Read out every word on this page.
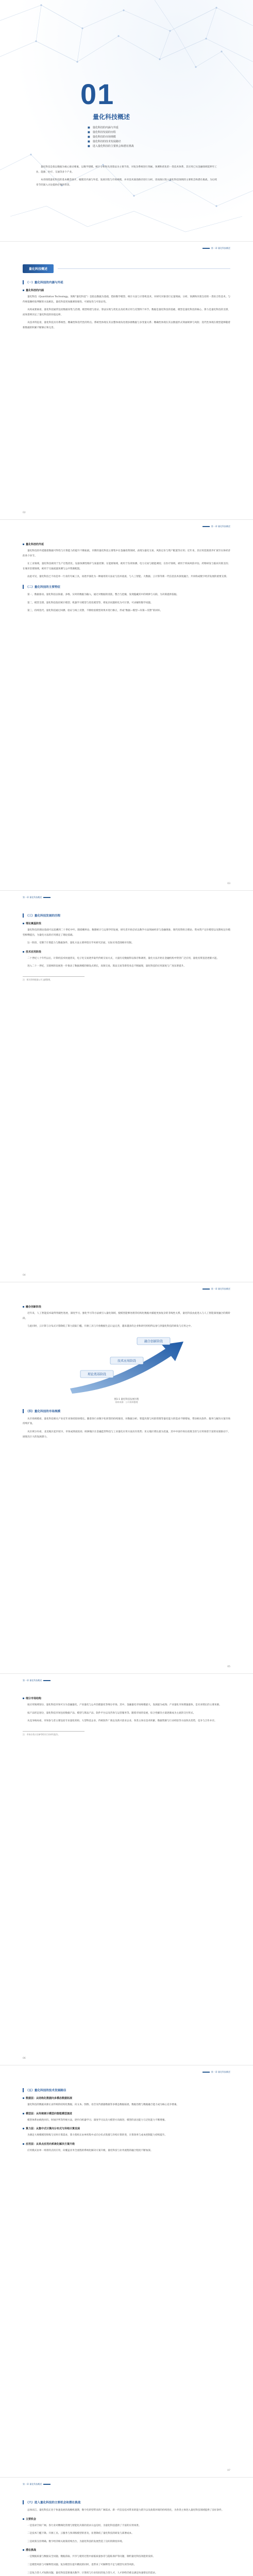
01
量化科技概述
■ 量化科技的内涵与外延
■ 量化科技发展的历程
■ 量化科技的市场规模
■ 量化科技的技术发展路径
■ 进入量化科技的主要机会和潜在挑战

量化科技是指以数据为核心驱动要素，以数学建模、统计分析和先进算法为主要手段，对复杂系统进行刻画、预测和优化的一类技术体系，其应用已从金融领域延伸至工业、能源、医疗、交通等多个产业。

本章围绕量化科技的基本概念展开，梳理其内涵与外延、发展历程与市场规模，并对技术演进路径进行分析，进而探讨进入量化科技领域的主要机会和潜在挑战，为后续章节的深入讨论提供必要的背景。

第一章 量化科技概述
量化科技概述
（一）量化科技的内涵与外延
量化科技的内涵

量化科技（Quantitative Technology，简称“量化科技”）是指以数据为基础，借助数学模型、统计方法与计算机技术，对研究对象进行定量刻画、分析、预测和决策支持的一类综合性技术。与传统依赖经验判断的方法相比，量化科技更加强调客观性、可重复性与可验证性。

从构成要素看，量化科技通常包括数据采集与治理、模型构建与验证、算法实现与优化以及结果应用与反馈四个环节。数据是量化科技的基础，模型是量化科技的核心，算力是量化科技的支撑，而场景则决定了量化科技的价值边界。

从技术特征看，量化科技具有系统性、精确性和迭代性的特点。系统性体现在其以整体视角处理多源数据与多变量关系；精确性体现在其以数值形式刻画规律与风险；迭代性体现在模型能够随着新数据的积累不断修正和完善。

02
第一章 量化科技概述
量化科技的外延

量化科技的外延随着数据可得性与计算能力的提升不断拓展。早期的量化科技主要集中在金融投资领域，表现为量化交易、风险定价与资产配置等应用；近年来，其应用范围逐步扩展至实体经济的各个环节。

在工业领域，量化科技被用于生产过程优化、设备预测性维护与质量控制；在能源领域，被用于负荷预测、电力交易与储能调度；在医疗领域，被用于疾病风险评估、药物研发与临床决策支持；在城市治理领域，被用于交通流量预测与公共资源配置。

由此可见，量化科技已不再是单一行业的专属工具，而逐步演化为一种通用的方法论与技术底座，与人工智能、大数据、云计算等新一代信息技术深度融合，共同构成数字经济发展的重要支撑。

（二）量化科技的主要特征

第一，数据驱动。量化科技以海量、多维、实时的数据为输入，通过对数据的清洗、整合与挖掘，发现隐藏其中的规律与关联，为决策提供依据。

第二，模型支撑。量化科技依托统计模型、机器学习模型与优化模型等，将复杂问题转化为可计算、可求解的数学问题。

第三，持续迭代。量化科技通过回测、验证与线上反馈，不断检验模型效果并进行修正，形成“数据—模型—决策—反馈”的闭环。

03
第一章 量化科技概述
（三）量化科技发展的历程
理论奠基阶段

量化科技的理论基础可以追溯到二十世纪中叶。随着概率论、数理统计与运筹学的发展，研究者开始尝试以数学方法刻画经济与金融现象，现代投资组合理论、资本资产定价模型以及期权定价模型相继提出，为量化方法的应用奠定了理论基础。

这一阶段，受制于计算能力与数据条件，量化方法主要停留在学术研究层面，实际应用范围相对有限。

技术应用阶段

二十世纪八十年代以后，计算机技术快速普及，电子化交易逐步取代传统交易方式，大量历史数据得以保存和调用，量化方法开始在金融机构中得到广泛应用，量化投资基金逐渐兴起。

进入二十一世纪，互联网的发展进一步推动了数据规模的爆发式增长，高频交易、算法交易等新型业态不断涌现，量化科技的应用深度与广度显著提升。

注：相关资料根据公开文献整理。
04
第一章 量化科技概述
融合创新阶段

近年来，人工智能技术取得突破性进展，深度学习、强化学习等方法被引入量化领域，使模型能够处理非结构化数据并捕捉更加复杂的非线性关系，量化科技由此进入与人工智能深度融合的新阶段。

与此同时，云计算与分布式计算降低了算力获取门槛，开源工具与开放数据生态日益完善，越来越多的企业和研究机构得以参与到量化科技的研发与应用之中。

理论奠基阶段
技术应用阶段
融合创新阶段
图1-1 量化科技发展历程
资料来源：公开资料整理
（四）量化科技的市场规模

从市场规模看，量化科技相关产业近年来保持较快增长。随着各行业数字化转型的持续推进，对数据分析、智能决策与风险管理等量化能力的需求不断增加，带动相关软件、服务与解决方案市场持续扩张。

从区域分布看，北美地区起步较早，市场成熟度较高；欧洲地区在金融监管科技与工业量化应用方面具有优势；亚太地区增长最为迅速，其中中国市场在政策支持与应用场景丰富的双重驱动下，展现出巨大的发展潜力。

05
第一章 量化科技概述
细分市场结构

按应用领域划分，量化科技市场可分为金融量化、产业量化与公共治理量化等细分市场。其中，金融量化市场规模最大，发展最为成熟；产业量化市场增速最快，是未来增长的主要来源。

按产品形态划分，量化科技市场包括数据产品、模型与算法产品、软件平台以及咨询与运营服务等。随着市场的发展，综合性解决方案逐渐成为主流的交付形式。

从竞争格局看，市场参与者主要包括专业量化机构、大型科技企业、传统软件厂商以及新兴创业企业，各类主体在技术积累、数据资源与行业经验等方面各具优势，竞争与合作并存。

注：市场分类口径参考相关行业研究报告。
06
第一章 量化科技概述
（五）量化科技的技术发展路径
数据层：从结构化数据向多模态数据拓展

量化科技的数据来源正由传统的结构化数据，向文本、图像、语音及传感器数据等多模态数据拓展，数据治理与数据融合能力成为核心竞争要素。

模型层：从传统统计模型向智能模型演进

模型体系由线性回归、时间序列等传统方法，逐步向机器学习、深度学习以及大模型方向演进，模型的表达能力与泛化能力不断增强。

算力层：从集中式计算向分布式与异构计算发展

为满足大规模模型训练与实时计算需求，算力架构正由单机集中式向分布式集群与异构计算转变，计算效率与成本控制能力持续提升。

应用层：从单点应用向系统化解决方案升级

应用模式由单一场景的点状应用，向覆盖业务全流程的系统化解决方案升级，量化科技与业务流程的融合程度不断加深。

07
第一章 量化科技概述
（六）进入量化科技的主要机会和潜在挑战

总体而言，量化科技正处于快速发展的战略机遇期，数字化转型带来的广阔需求、新一代信息技术带来的能力跃升以及政策环境的持续优化，为各类主体进入量化科技领域提供了良好条件。

主要机会

一是需求空间广阔。各行业对精细化管理与智能化决策的需求日益迫切，为量化科技提供了丰富的应用场景。

二是技术门槛下降。开源工具、云服务与预训练模型的普及，显著降低了量化科技的研发与部署成本。

三是政策支持明确。数字经济相关政策持续出台，为量化科技的发展营造了良好的制度环境。

潜在挑战

一是数据质量与数据安全问题。数据获取、共享与使用过程中面临质量参差与隐私保护等问题，制约量化科技效能的发挥。

二是模型风险与可解释性问题。复杂模型在提升精度的同时，也带来了可解释性不足与模型失效等风险。

三是复合型人才短缺问题。量化科技需要兼具数学、计算机与行业知识的复合型人才，人才供给仍难以满足快速增长的需求。
